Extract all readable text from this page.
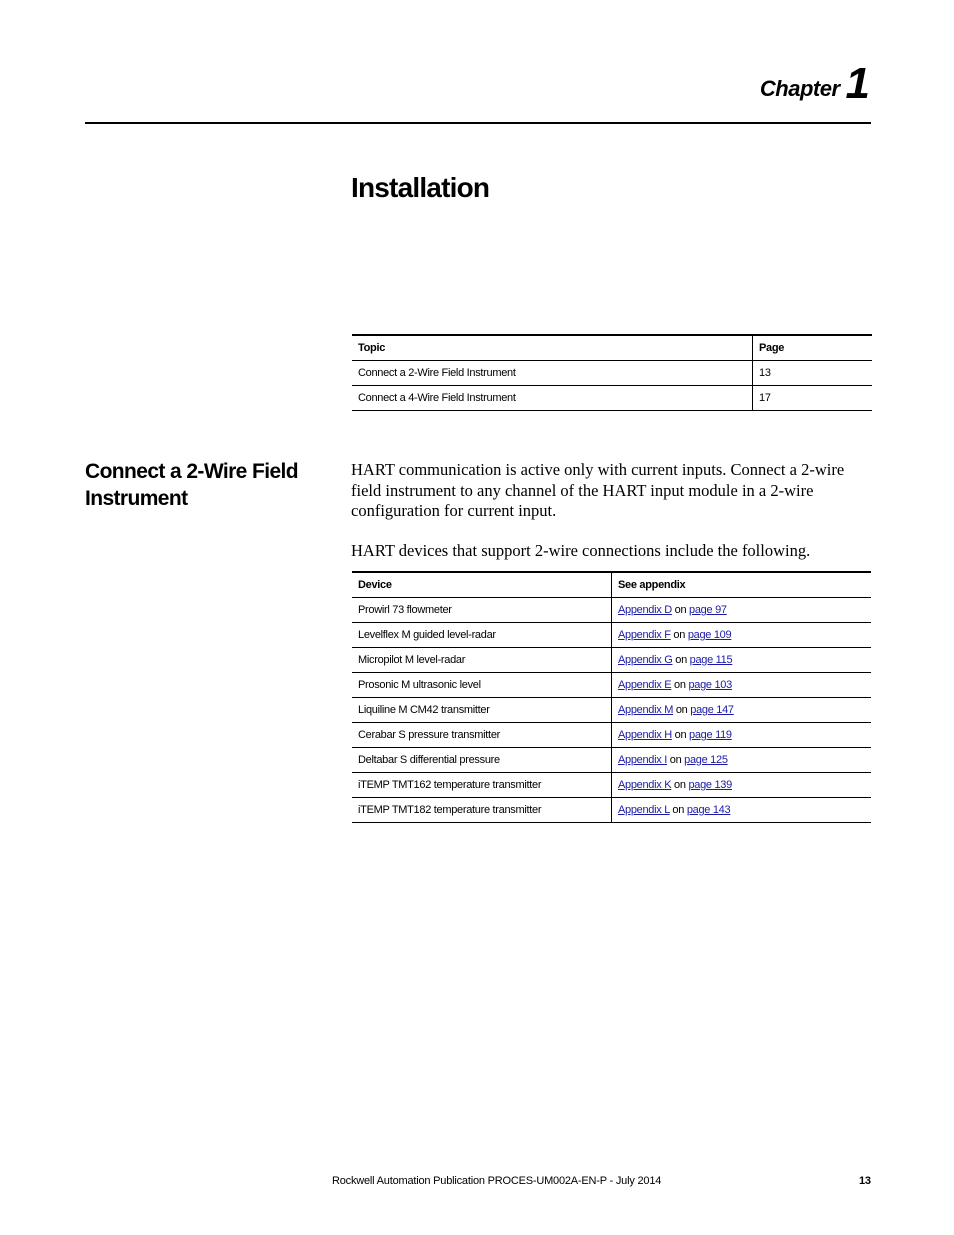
Chapter 1
Installation
Topic	Page
Connect a 2-Wire Field Instrument	13
Connect a 4-Wire Field Instrument	17
Connect a 2-Wire Field
Instrument

HART communication is active only with current inputs. Connect a 2-wire field instrument to any channel of the HART input module in a 2-wire configuration for current input.

HART devices that support 2-wire connections include the following.

Device	See appendix
Prowirl 73 flowmeter	Appendix D on page 97
Levelflex M guided level-radar	Appendix F on page 109
Micropilot M level-radar	Appendix G on page 115
Prosonic M ultrasonic level	Appendix E on page 103
Liquiline M CM42 transmitter	Appendix M on page 147
Cerabar S pressure transmitter	Appendix H on page 119
Deltabar S differential pressure	Appendix I on page 125
iTEMP TMT162 temperature transmitter	Appendix K on page 139
iTEMP TMT182 temperature transmitter	Appendix L on page 143
Rockwell Automation Publication PROCES-UM002A-EN-P - July 2014	13
